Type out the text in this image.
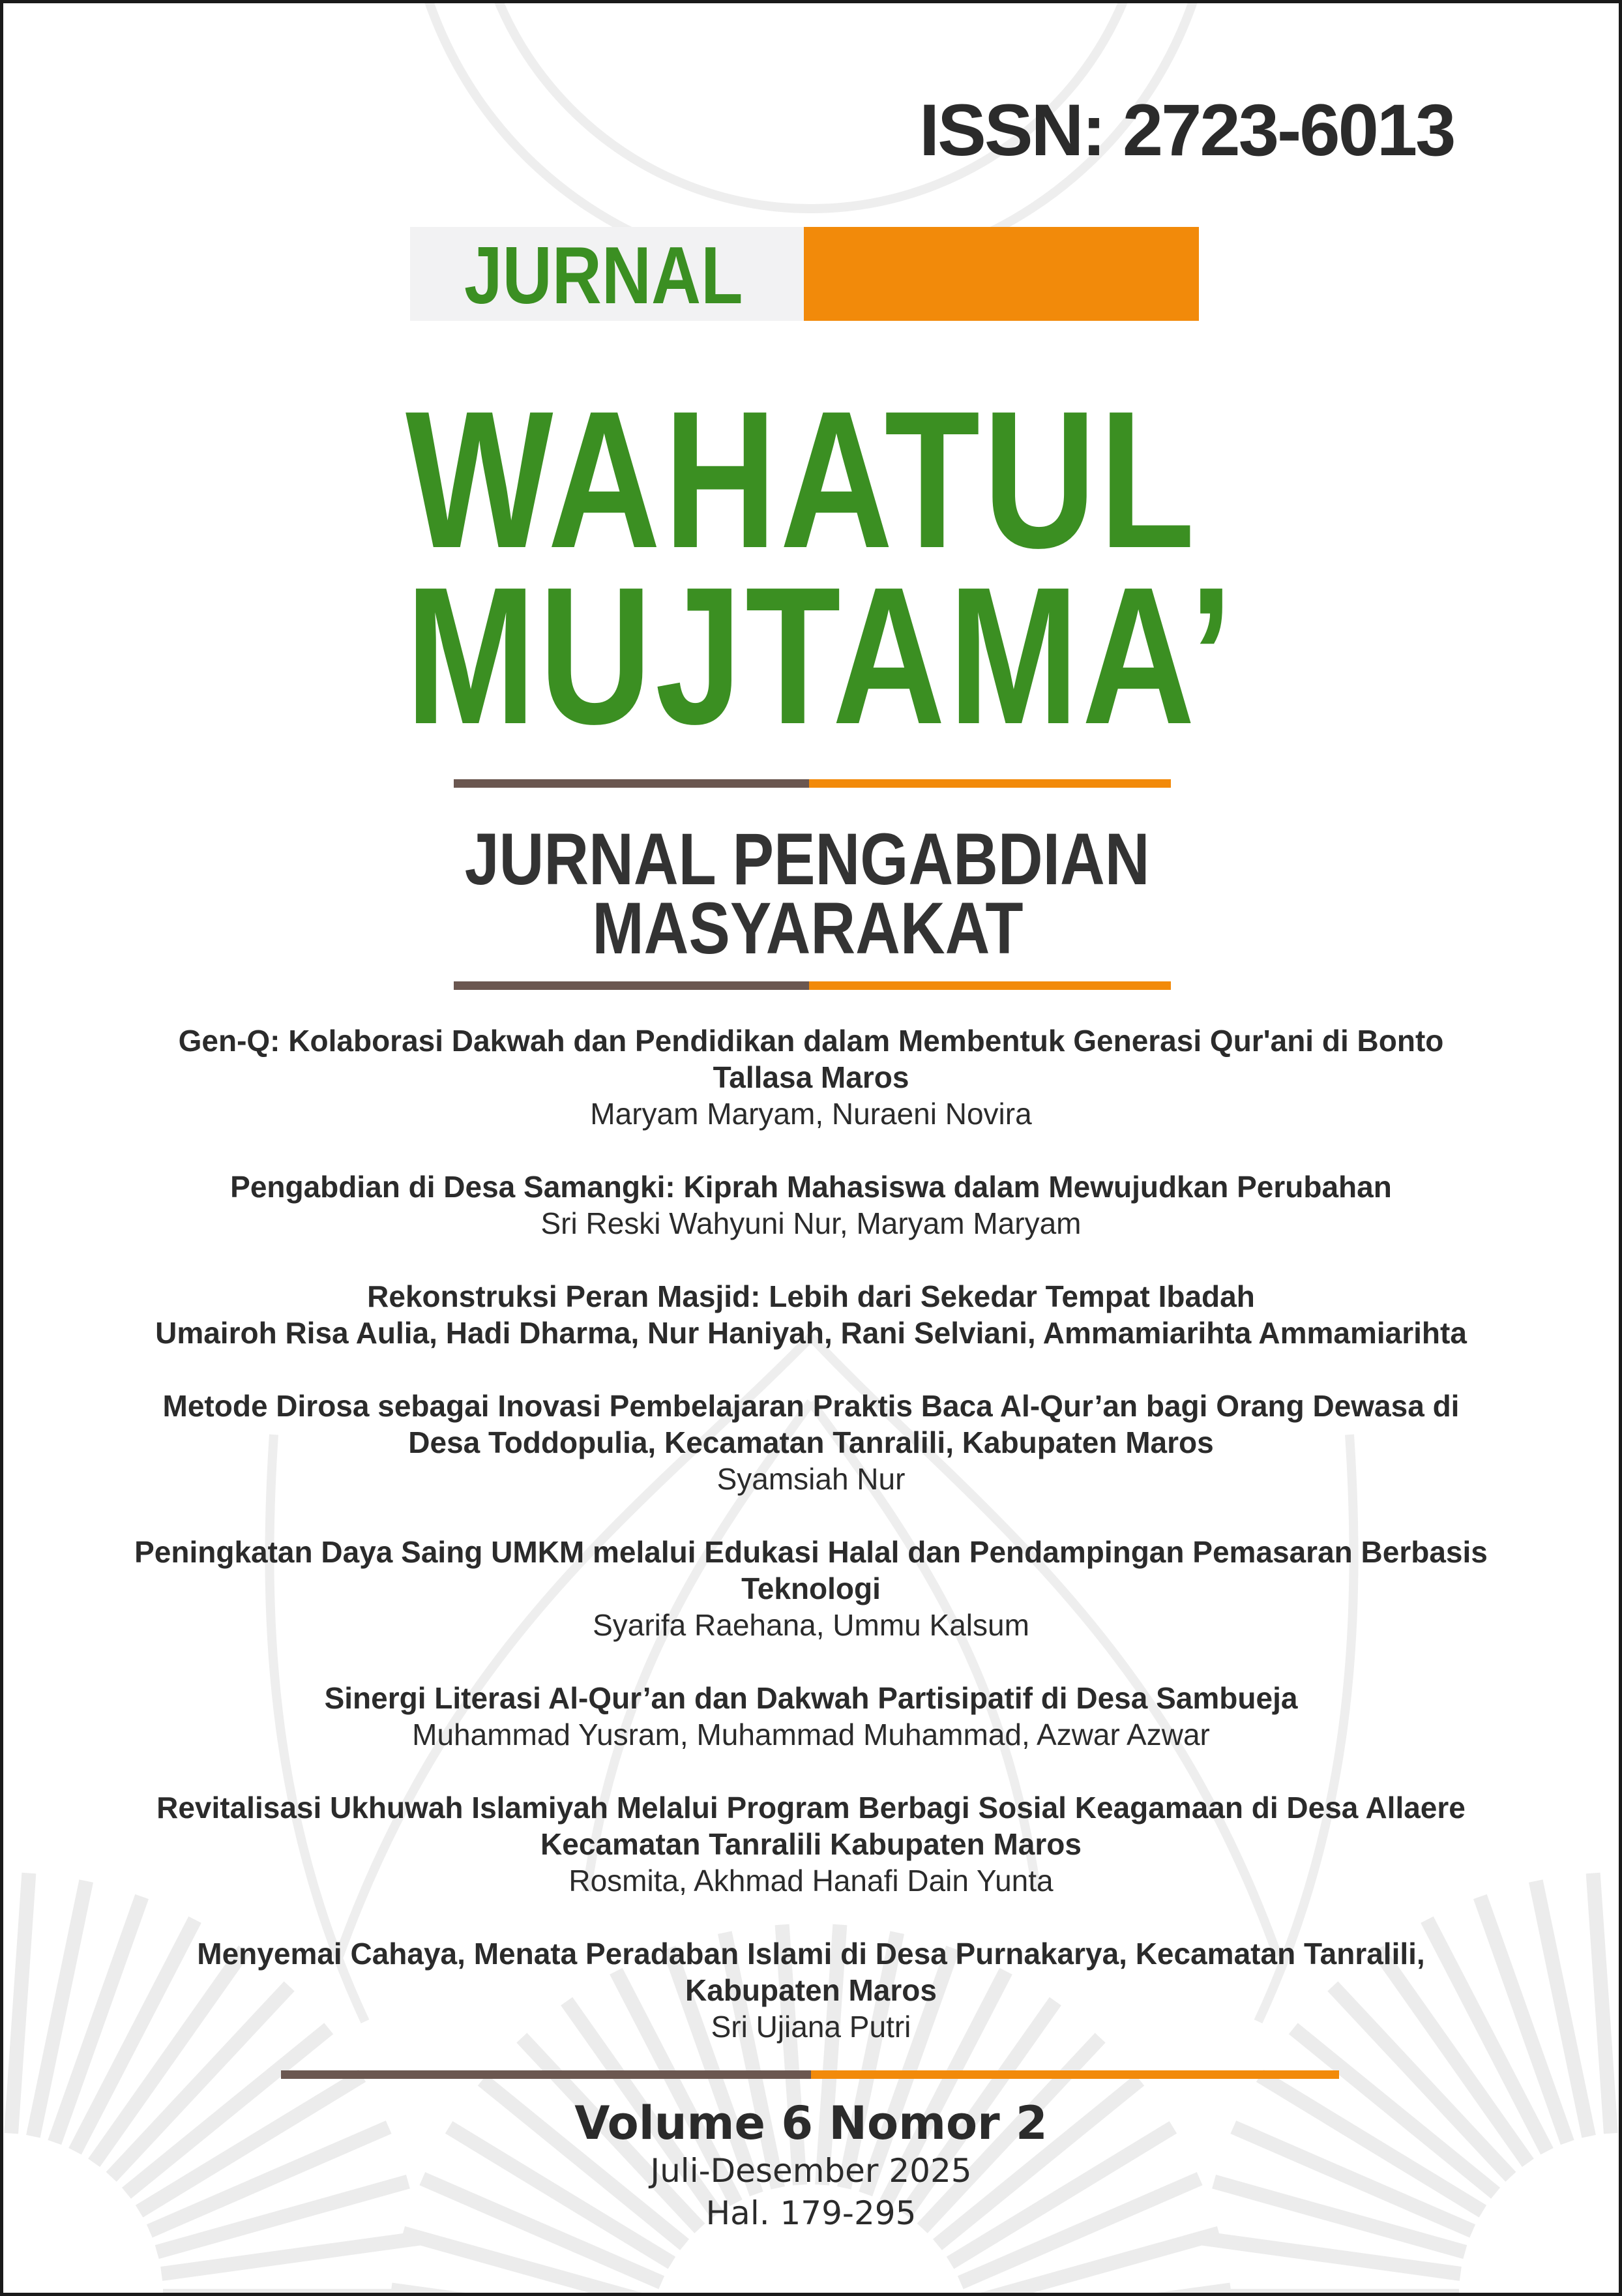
ISSN: 2723-6013
JURNAL
WAHATUL
MUJTAMA’
JURNAL PENGABDIAN
MASYARAKAT
Gen-Q: Kolaborasi Dakwah dan Pendidikan dalam Membentuk Generasi Qur'ani di Bonto
Tallasa Maros
Maryam Maryam, Nuraeni Novira
Pengabdian di Desa Samangki: Kiprah Mahasiswa dalam Mewujudkan Perubahan
Sri Reski Wahyuni Nur, Maryam Maryam
Rekonstruksi Peran Masjid: Lebih dari Sekedar Tempat Ibadah
Umairoh Risa Aulia, Hadi Dharma, Nur Haniyah, Rani Selviani, Ammamiarihta Ammamiarihta
Metode Dirosa sebagai Inovasi Pembelajaran Praktis Baca Al-Qur’an bagi Orang Dewasa di
Desa Toddopulia, Kecamatan Tanralili, Kabupaten Maros
Syamsiah Nur
Peningkatan Daya Saing UMKM melalui Edukasi Halal dan Pendampingan Pemasaran Berbasis
Teknologi
Syarifa Raehana, Ummu Kalsum
Sinergi Literasi Al-Qur’an dan Dakwah Partisipatif di Desa Sambueja
Muhammad Yusram, Muhammad Muhammad, Azwar Azwar
Revitalisasi Ukhuwah Islamiyah Melalui Program Berbagi Sosial Keagamaan di Desa Allaere
Kecamatan Tanralili Kabupaten Maros
Rosmita, Akhmad Hanafi Dain Yunta
Menyemai Cahaya, Menata Peradaban Islami di Desa Purnakarya, Kecamatan Tanralili,
Kabupaten Maros
Sri Ujiana Putri
Volume 6 Nomor 2
Juli-Desember 2025
Hal. 179-295
